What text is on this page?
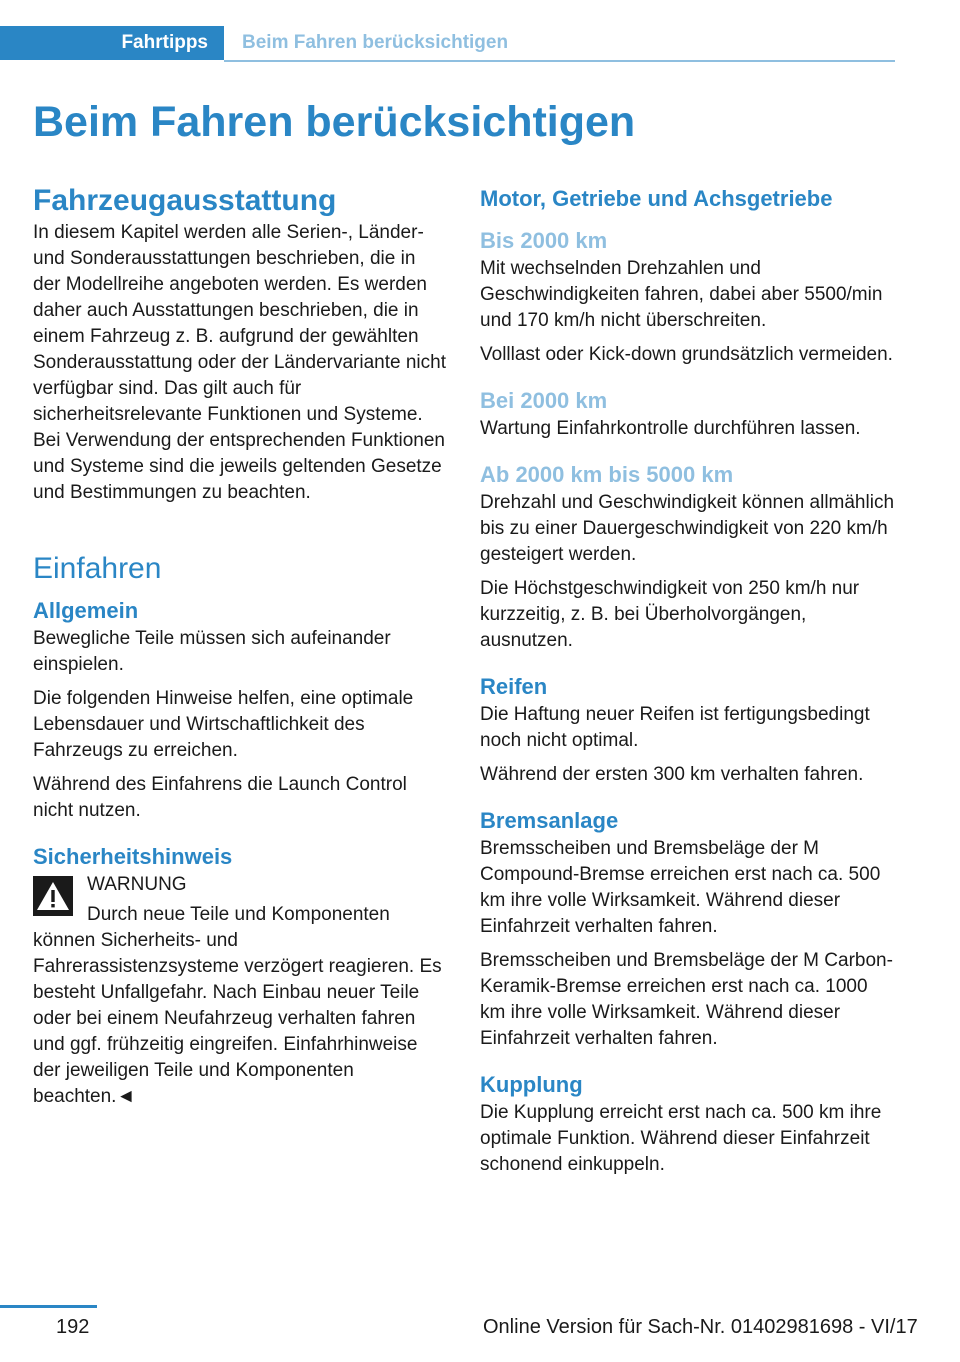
Fahrtipps Beim Fahren berücksichtigen
Beim Fahren berücksichtigen
Fahrzeugausstattung

In diesem Kapitel werden alle Serien-, Länder- und Sonderausstattungen beschrieben, die in der Modellreihe angeboten werden. Es werden daher auch Ausstattungen beschrieben, die in einem Fahrzeug z. B. aufgrund der gewählten Sonderausstattung oder der Ländervariante nicht verfügbar sind. Das gilt auch für sicherheitsrelevante Funktionen und Systeme. Bei Verwendung der entsprechenden Funktionen und Systeme sind die jeweils geltenden Gesetze und Bestimmungen zu beachten.

Einfahren
Allgemein

Bewegliche Teile müssen sich aufeinander einspielen.

Die folgenden Hinweise helfen, eine optimale Lebensdauer und Wirtschaftlichkeit des Fahrzeugs zu erreichen.

Während des Einfahrens die Launch Control nicht nutzen.

Sicherheitshinweis

WARNUNG

Durch neue Teile und Komponenten

können Sicherheits- und Fahrerassistenzsysteme verzögert reagieren. Es besteht Unfallgefahr. Nach Einbau neuer Teile oder bei einem Neufahrzeug verhalten fahren und ggf. frühzeitig eingreifen. Einfahrhinweise der jeweiligen Teile und Komponenten beachten.◄

Motor, Getriebe und Achsgetriebe
Bis 2000 km

Mit wechselnden Drehzahlen und Geschwindigkeiten fahren, dabei aber 5500/min und 170 km/h nicht überschreiten.

Volllast oder Kick-down grundsätzlich vermeiden.

Bei 2000 km

Wartung Einfahrkontrolle durchführen lassen.

Ab 2000 km bis 5000 km

Drehzahl und Geschwindigkeit können allmählich bis zu einer Dauergeschwindigkeit von 220 km/h gesteigert werden.

Die Höchstgeschwindigkeit von 250 km/h nur kurzzeitig, z. B. bei Überholvorgängen, ausnutzen.

Reifen

Die Haftung neuer Reifen ist fertigungsbedingt noch nicht optimal.

Während der ersten 300 km verhalten fahren.

Bremsanlage

Bremsscheiben und Bremsbeläge der M Compound-Bremse erreichen erst nach ca. 500 km ihre volle Wirksamkeit. Während dieser Einfahrzeit verhalten fahren.

Bremsscheiben und Bremsbeläge der M Carbon-Keramik-Bremse erreichen erst nach ca. 1000 km ihre volle Wirksamkeit. Während dieser Einfahrzeit verhalten fahren.

Kupplung

Die Kupplung erreicht erst nach ca. 500 km ihre optimale Funktion. Während dieser Einfahrzeit schonend einkuppeln.

192	Online Version für Sach-Nr. 01402981698 - VI/17
